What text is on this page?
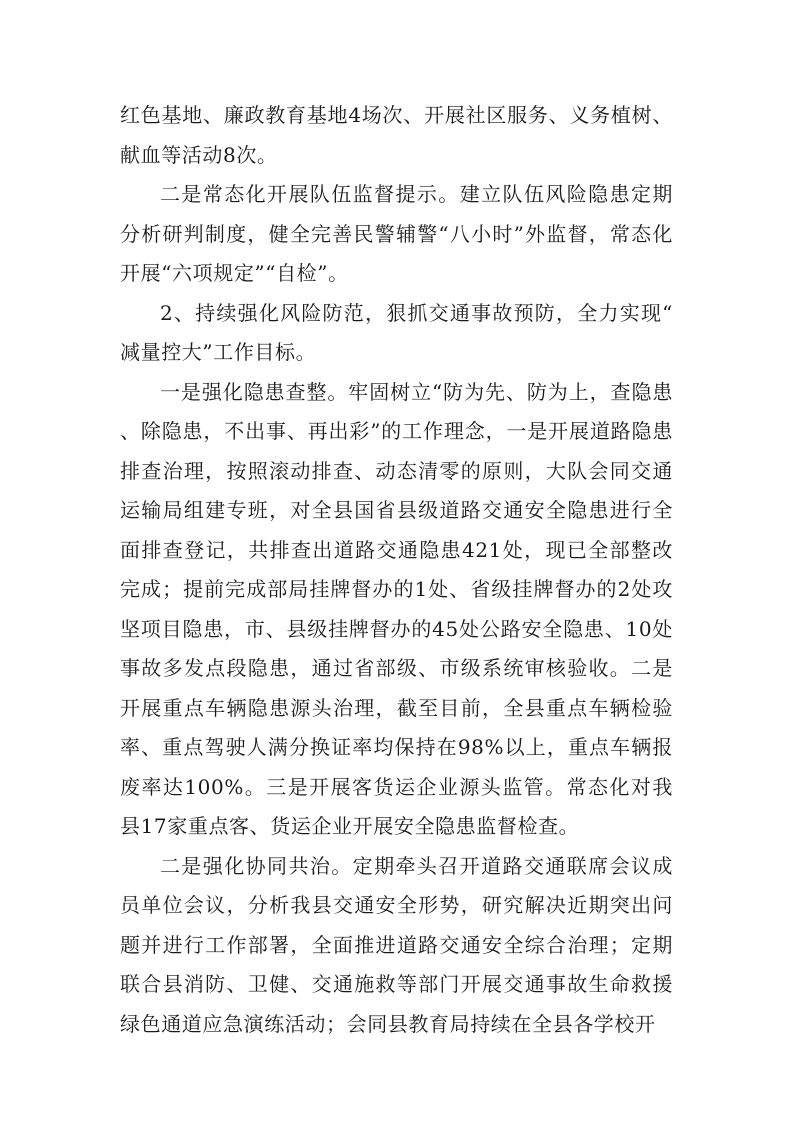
红色基地、廉政教育基地4场次、开展社区服务、义务植树、献血等活动8次。

二是常态化开展队伍监督提示。建立队伍风险隐患定期分析研判制度，健全完善民警辅警“八小时”外监督，常态化开展“六项规定”“自检”。

2、持续强化风险防范，狠抓交通事故预防，全力实现“减量控大”工作目标。

一是强化隐患查整。牢固树立“防为先、防为上，查隐患、除隐患，不出事、再出彩”的工作理念，一是开展道路隐患排查治理，按照滚动排查、动态清零的原则，大队会同交通运输局组建专班，对全县国省县级道路交通安全隐患进行全面排查登记，共排查出道路交通隐患421处，现已全部整改完成；提前完成部局挂牌督办的1处、省级挂牌督办的2处攻坚项目隐患，市、县级挂牌督办的45处公路安全隐患、10处事故多发点段隐患，通过省部级、市级系统审核验收。二是开展重点车辆隐患源头治理，截至目前，全县重点车辆检验率、重点驾驶人满分换证率均保持在98%以上，重点车辆报废率达100%。三是开展客货运企业源头监管。常态化对我县17家重点客、货运企业开展安全隐患监督检查。

二是强化协同共治。定期牵头召开道路交通联席会议成员单位会议，分析我县交通安全形势，研究解决近期突出问题并进行工作部署，全面推进道路交通安全综合治理；定期联合县消防、卫健、交通施救等部门开展交通事故生命救援绿色通道应急演练活动；会同县教育局持续在全县各学校开
